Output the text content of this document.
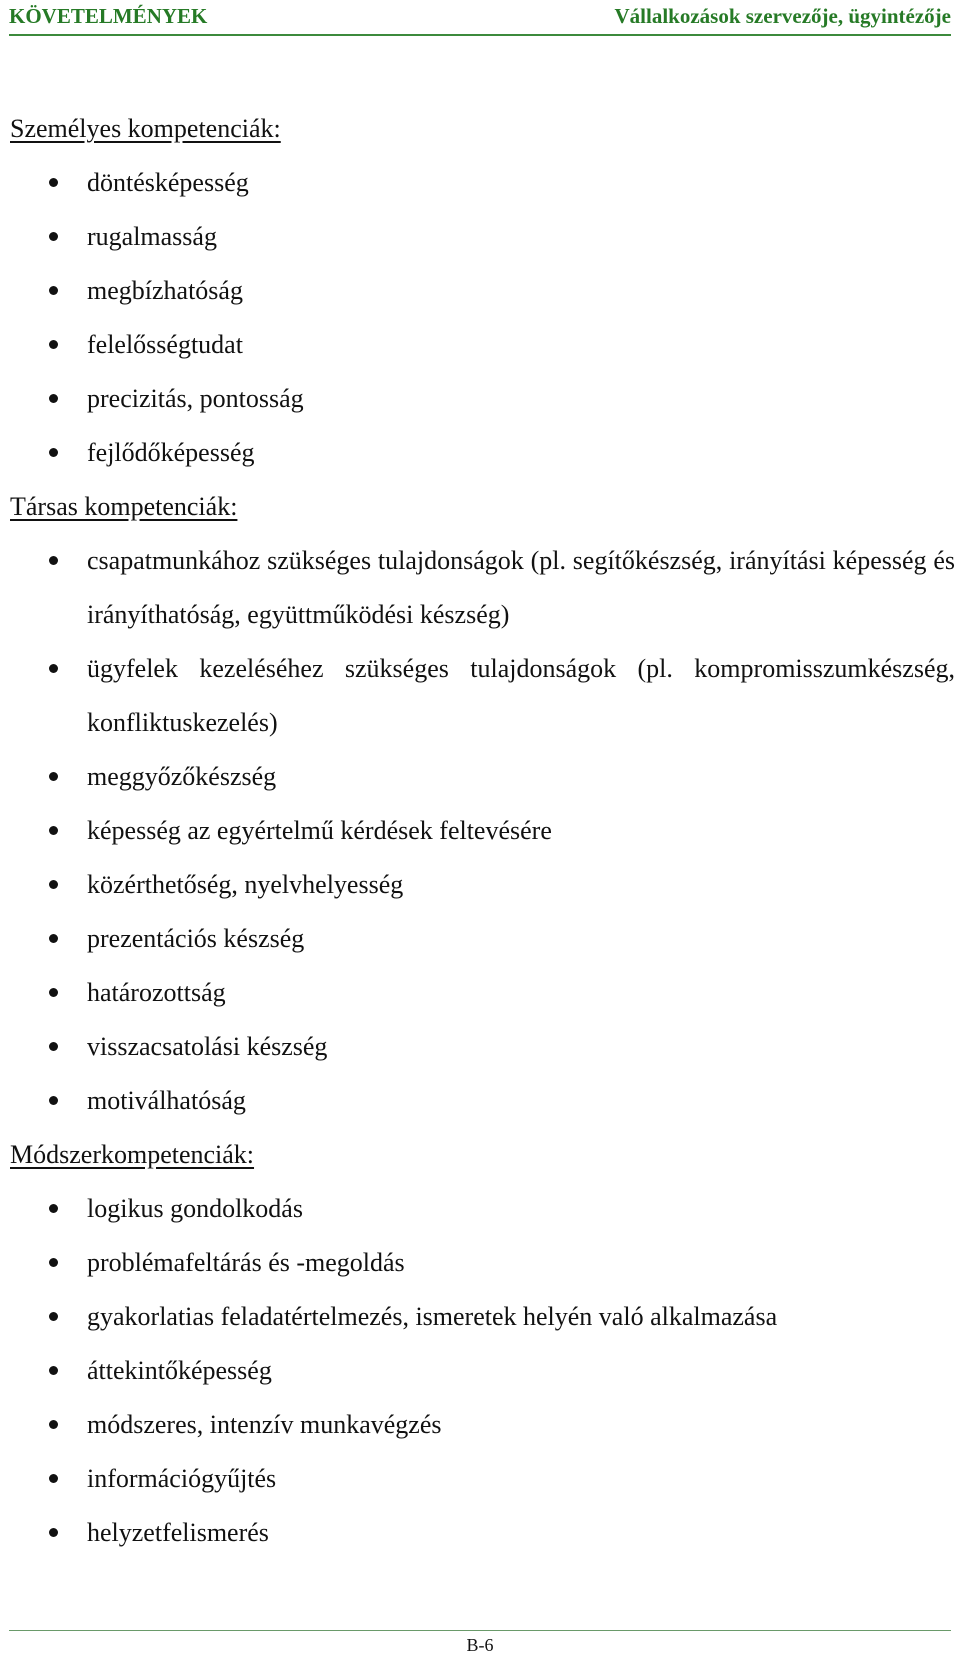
KÖVETELMÉNYEK	Vállalkozások szervezője, ügyintézője
Személyes kompetenciák:
döntésképesség
rugalmasság
megbízhatóság
felelősségtudat
precizitás, pontosság
fejlődőképesség
Társas kompetenciák:
csapatmunkához szükséges tulajdonságok (pl. segítőkészség, irányítási képesség és irányíthatóság, együttműködési készség)
ügyfelek kezeléséhez szükséges tulajdonságok (pl. kompromisszumkészség, konfliktuskezelés)
meggyőzőkészség
képesség az egyértelmű kérdések feltevésére
közérthetőség, nyelvhelyesség
prezentációs készség
határozottság
visszacsatolási készség
motiválhatóság
Módszerkompetenciák:
logikus gondolkodás
problémafeltárás és -megoldás
gyakorlatias feladatértelmezés, ismeretek helyén való alkalmazása
áttekintőképesség
módszeres, intenzív munkavégzés
információgyűjtés
helyzetfelismerés
B-6
